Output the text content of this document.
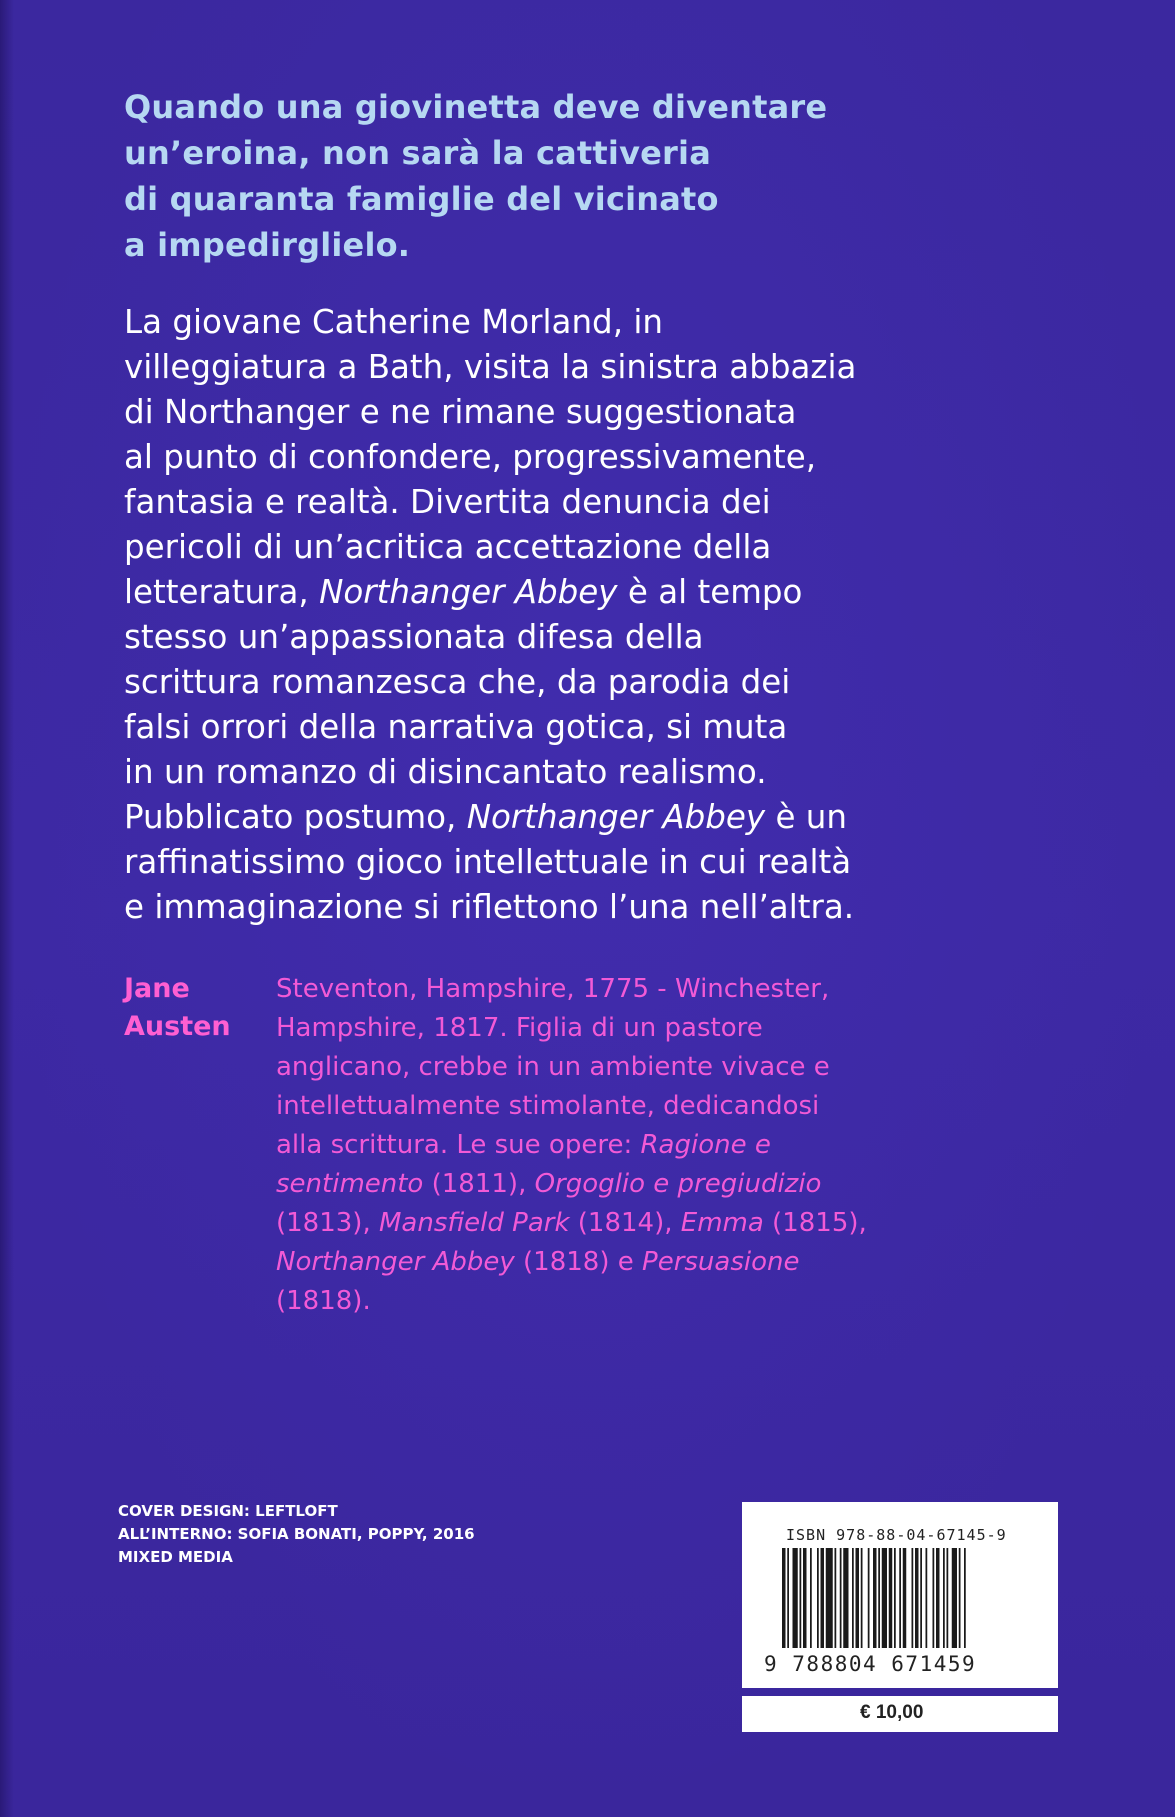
Quando una giovinetta deve diventare
un’eroina, non sarà la cattiveria
di quaranta famiglie del vicinato
a impedirglielo.

La giovane Catherine Morland, in
villeggiatura a Bath, visita la sinistra abbazia
di Northanger e ne rimane suggestionata
al punto di confondere, progressivamente,
fantasia e realtà. Divertita denuncia dei
pericoli di un’acritica accettazione della
letteratura, Northanger Abbey è al tempo
stesso un’appassionata difesa della
scrittura romanzesca che, da parodia dei
falsi orrori della narrativa gotica, si muta
in un romanzo di disincantato realismo.
Pubblicato postumo, Northanger Abbey è un
raffinatissimo gioco intellettuale in cui realtà
e immaginazione si riflettono l’una nell’altra.

Jane
Austen
Steventon, Hampshire, 1775 - Winchester,
Hampshire, 1817. Figlia di un pastore
anglicano, crebbe in un ambiente vivace e
intellettualmente stimolante, dedicandosi
alla scrittura. Le sue opere: Ragione e
sentimento (1811), Orgoglio e pregiudizio
(1813), Mansfield Park (1814), Emma (1815),
Northanger Abbey (1818) e Persuasione
(1818).
COVER DESIGN: LEFTLOFT
ALL’INTERNO: SOFIA BONATI, POPPY, 2016
MIXED MEDIA
ISBN 978-88-04-67145-9
9 788804 671459
€ 10,00
